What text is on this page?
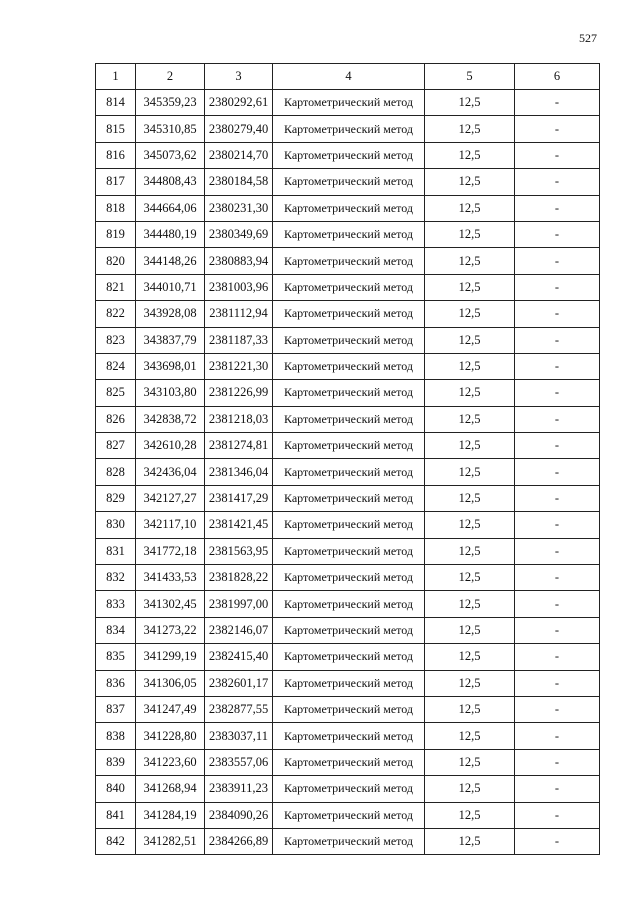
527
1	2	3	4	5	6
814	345359,23	2380292,61	Картометрический метод	12,5	-
815	345310,85	2380279,40	Картометрический метод	12,5	-
816	345073,62	2380214,70	Картометрический метод	12,5	-
817	344808,43	2380184,58	Картометрический метод	12,5	-
818	344664,06	2380231,30	Картометрический метод	12,5	-
819	344480,19	2380349,69	Картометрический метод	12,5	-
820	344148,26	2380883,94	Картометрический метод	12,5	-
821	344010,71	2381003,96	Картометрический метод	12,5	-
822	343928,08	2381112,94	Картометрический метод	12,5	-
823	343837,79	2381187,33	Картометрический метод	12,5	-
824	343698,01	2381221,30	Картометрический метод	12,5	-
825	343103,80	2381226,99	Картометрический метод	12,5	-
826	342838,72	2381218,03	Картометрический метод	12,5	-
827	342610,28	2381274,81	Картометрический метод	12,5	-
828	342436,04	2381346,04	Картометрический метод	12,5	-
829	342127,27	2381417,29	Картометрический метод	12,5	-
830	342117,10	2381421,45	Картометрический метод	12,5	-
831	341772,18	2381563,95	Картометрический метод	12,5	-
832	341433,53	2381828,22	Картометрический метод	12,5	-
833	341302,45	2381997,00	Картометрический метод	12,5	-
834	341273,22	2382146,07	Картометрический метод	12,5	-
835	341299,19	2382415,40	Картометрический метод	12,5	-
836	341306,05	2382601,17	Картометрический метод	12,5	-
837	341247,49	2382877,55	Картометрический метод	12,5	-
838	341228,80	2383037,11	Картометрический метод	12,5	-
839	341223,60	2383557,06	Картометрический метод	12,5	-
840	341268,94	2383911,23	Картометрический метод	12,5	-
841	341284,19	2384090,26	Картометрический метод	12,5	-
842	341282,51	2384266,89	Картометрический метод	12,5	-
